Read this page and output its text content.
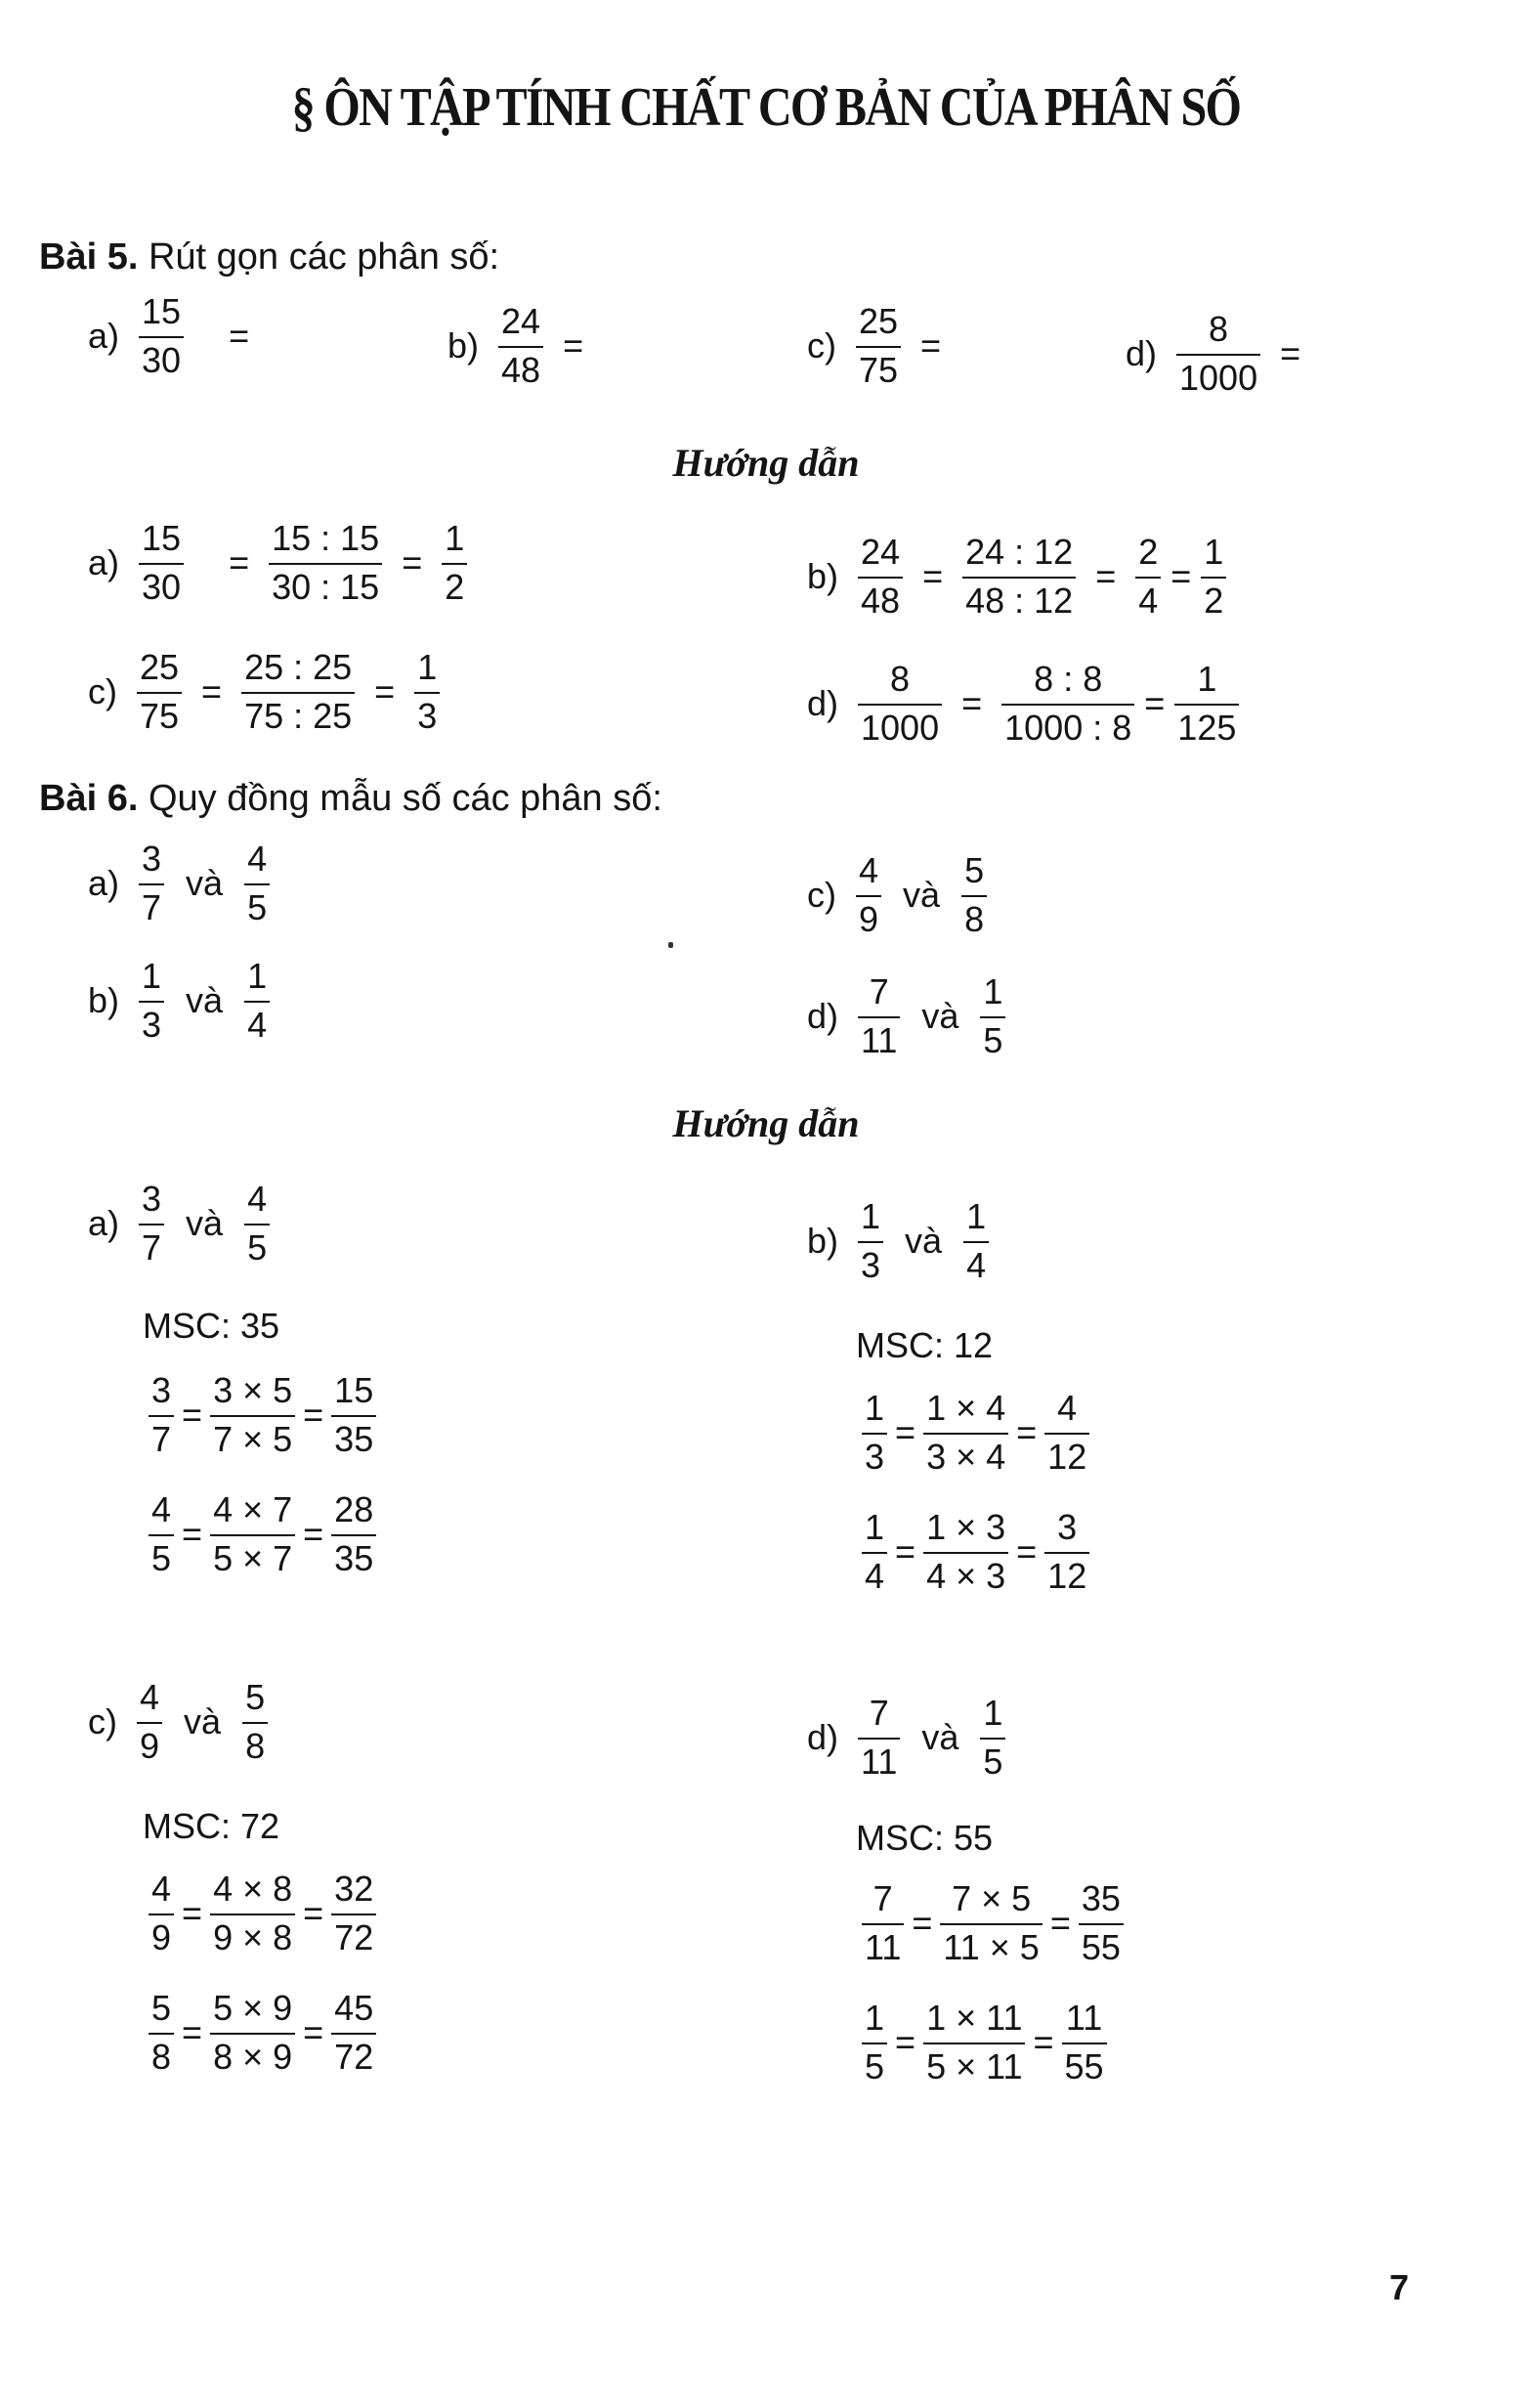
§ ÔN TẬP TÍNH CHẤT CƠ BẢN CỦA PHÂN SỐ
Bài 5. Rút gọn các phân số:
$a) \frac{15}{30}$ =	$b) \frac{24}{48}$ =	$c) \frac{25}{75}$ =	$d) \frac{8}{1000}$ =
Hướng dẫn
$a) \frac{15}{30} = \frac{15 : 15}{30 : 15} = \frac{1}{2}$	$b) \frac{24}{48} = \frac{24 : 12}{48 : 12} = \frac{2}{4} = \frac{1}{2}$
$c) \frac{25}{75} = \frac{25 : 25}{75 : 25} = \frac{1}{3}$	$d) \frac{8}{1000} = \frac{8 : 8}{1000 : 8} = \frac{1}{125}$
Bài 6. Quy đồng mẫu số các phân số:
$a) \frac{3}{7}$ và $\frac{4}{5}$	$c) \frac{4}{9}$ và $\frac{5}{8}$
$b) \frac{1}{3}$ và $\frac{1}{4}$	$d) \frac{7}{11}$ và $\frac{1}{5}$
Hướng dẫn
$a) \frac{3}{7}$ và $\frac{4}{5}$
MSC: 35
$\frac{3}{7} = \frac{3 \times 5}{7 \times 5} = \frac{15}{35}$
$\frac{4}{5} = \frac{4 \times 7}{5 \times 7} = \frac{28}{35}$
$b) \frac{1}{3}$ và $\frac{1}{4}$
MSC: 12
$\frac{1}{3} = \frac{1 \times 4}{3 \times 4} = \frac{4}{12}$
$\frac{1}{4} = \frac{1 \times 3}{4 \times 3} = \frac{3}{12}$
$c) \frac{4}{9}$ và $\frac{5}{8}$
MSC: 72
$\frac{4}{9} = \frac{4 \times 8}{9 \times 8} = \frac{32}{72}$
$\frac{5}{8} = \frac{5 \times 9}{8 \times 9} = \frac{45}{72}$
$d) \frac{7}{11}$ và $\frac{1}{5}$
MSC: 55
$\frac{7}{11} = \frac{7 \times 5}{11 \times 5} = \frac{35}{55}$
$\frac{1}{5} = \frac{1 \times 11}{5 \times 11} = \frac{11}{55}$
7
